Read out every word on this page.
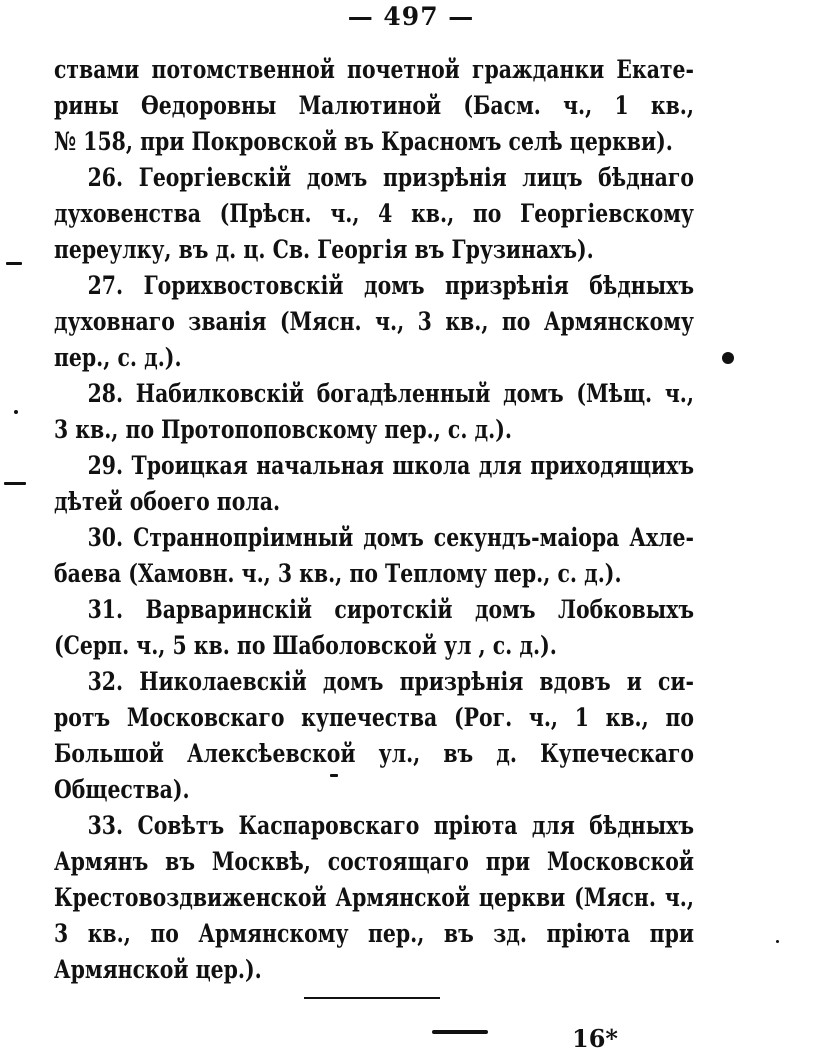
— 497 —
ствами потомственной почетной гражданки Екате-
рины Өедоровны Малютиной (Басм. ч., 1 кв.,
№ 158, при Покровской въ Красномъ селѣ церкви).
26. Георгіевскій домъ призрѣнія лицъ бѣднаго
духовенства (Прѣсн. ч., 4 кв., по Георгіевскому
переулку, въ д. ц. Св. Георгія въ Грузинахъ).
27. Горихвостовскій домъ призрѣнія бѣдныхъ
духовнаго званія (Мясн. ч., 3 кв., по Армянскому
пер., с. д.).
28. Набилковскій богадѣленный домъ (Мѣщ. ч.,
3 кв., по Протопоповскому пер., с. д.).
29. Троицкая начальная школа для приходящихъ
дѣтей обоего пола.
30. Страннопріимный домъ секундъ-маіора Ахле-
баева (Хамовн. ч., 3 кв., по Теплому пер., с. д.).
31. Варваринскій сиротскій домъ Лобковыхъ
(Серп. ч., 5 кв. по Шаболовской ул , с. д.).
32. Николаевскій домъ призрѣнія вдовъ и си-
ротъ Московскаго купечества (Рог. ч., 1 кв., по
Большой Алексѣевской ул., въ д. Купеческаго
Общества).
33. Совѣтъ Каспаровскаго пріюта для бѣдныхъ
Армянъ въ Москвѣ, состоящаго при Московской
Крестовоздвиженской Армянской церкви (Мясн. ч.,
3 кв., по Армянскому пер., въ зд. пріюта при
Армянской цер.).
16*
